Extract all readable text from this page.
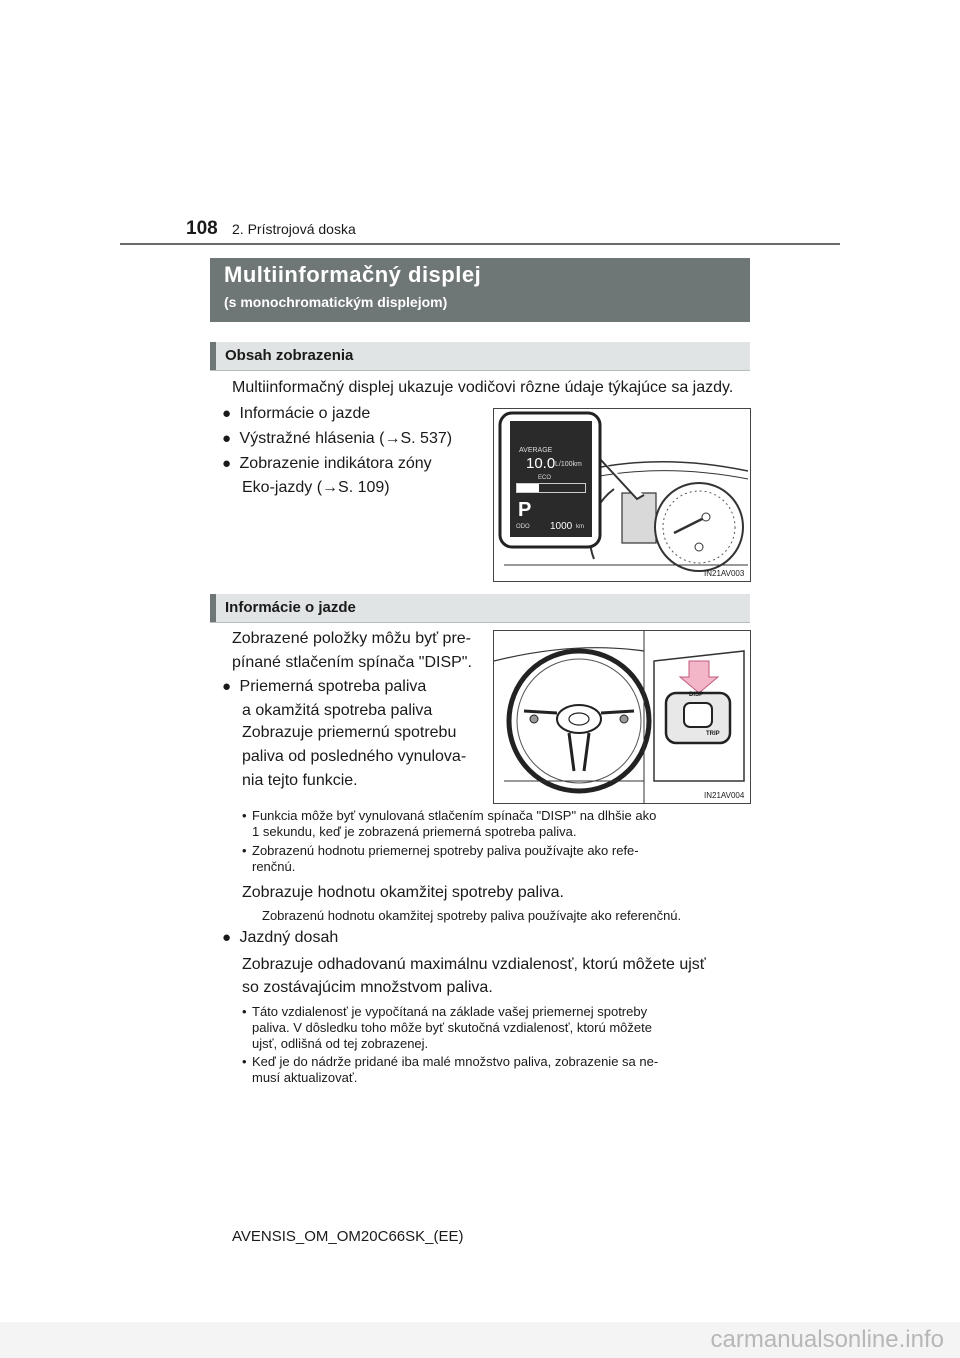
108 2. Prístrojová doska
Multiinformačný displej
(s monochromatickým displejom)
Obsah zobrazenia
Multiinformačný displej ukazuje vodičovi rôzne údaje týkajúce sa jazdy.
● Informácie o jazde
● Výstražné hlásenia (→S. 537)
● Zobrazenie indikátora zóny
Eko-jazdy (→S. 109)
AVERAGE
10.0 L/100km
ECO
P
ODO 1000 km
IN21AV003
Informácie o jazde
Zobrazené položky môžu byť pre-
pínané stlačením spínača "DISP".
● Priemerná spotreba paliva
a okamžitá spotreba paliva
Zobrazuje priemernú spotrebu
paliva od posledného vynulova-
nia tejto funkcie.
DISP
TRIP
IN21AV004
• Funkcia môže byť vynulovaná stlačením spínača "DISP" na dlhšie ako
1 sekundu, keď je zobrazená priemerná spotreba paliva.
• Zobrazenú hodnotu priemernej spotreby paliva používajte ako refe-
renčnú.
Zobrazuje hodnotu okamžitej spotreby paliva.
Zobrazenú hodnotu okamžitej spotreby paliva používajte ako referenčnú.
● Jazdný dosah
Zobrazuje odhadovanú maximálnu vzdialenosť, ktorú môžete ujsť
so zostávajúcim množstvom paliva.
• Táto vzdialenosť je vypočítaná na základe vašej priemernej spotreby
paliva. V dôsledku toho môže byť skutočná vzdialenosť, ktorú môžete
ujsť, odlišná od tej zobrazenej.
• Keď je do nádrže pridané iba malé množstvo paliva, zobrazenie sa ne-
musí aktualizovať.
AVENSIS_OM_OM20C66SK_(EE)
carmanualsonline.info
